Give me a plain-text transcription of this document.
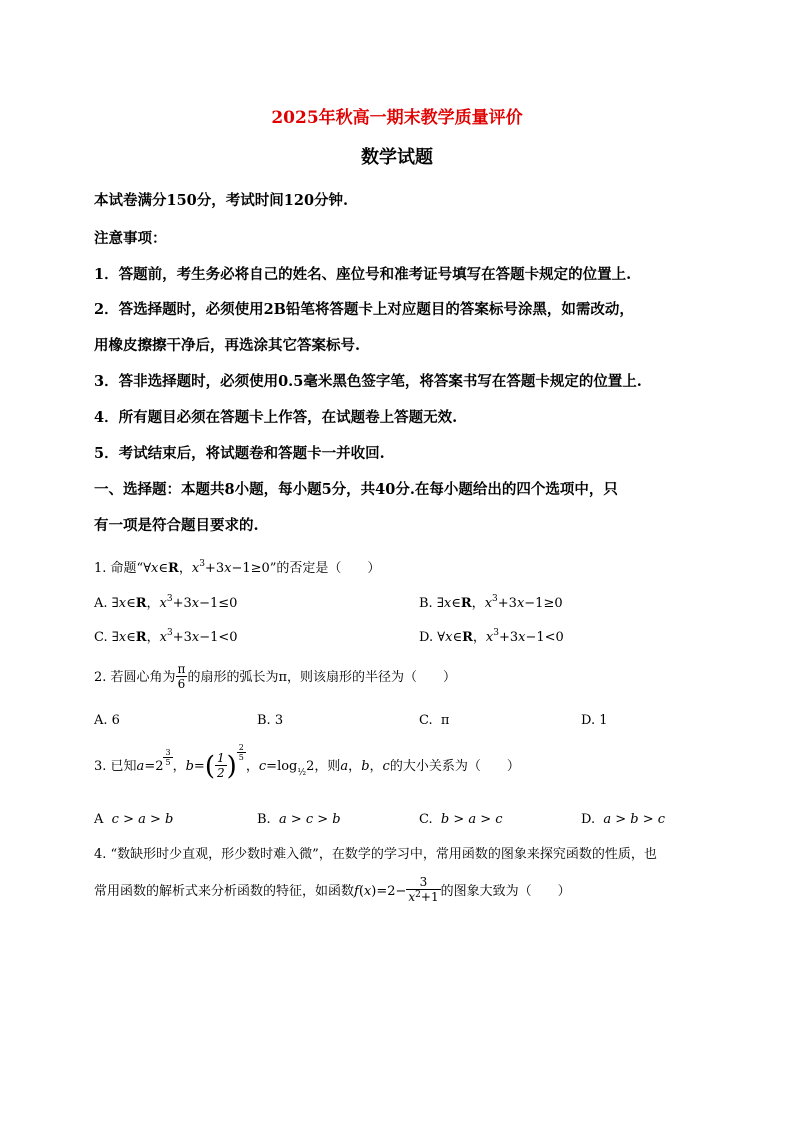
2025年秋高一期末教学质量评价
数学试题
本试卷满分150分，考试时间120分钟.
注意事项：
1．答题前，考生务必将自己的姓名、座位号和准考证号填写在答题卡规定的位置上.
2．答选择题时，必须使用2B铅笔将答题卡上对应题目的答案标号涂黑，如需改动，
用橡皮擦擦干净后，再选涂其它答案标号.
3．答非选择题时，必须使用0.5毫米黑色签字笔，将答案书写在答题卡规定的位置上.
4．所有题目必须在答题卡上作答，在试题卷上答题无效.
5．考试结束后，将试题卷和答题卡一并收回.
一、选择题：本题共8小题，每小题5分，共40分.在每小题给出的四个选项中，只
有一项是符合题目要求的.
1. 命题“∀x∈R，$x^3+3x-1\ge 0$”的否定是（　　）
A. ∃x∈R，$x^3+3x-1\le 0$	B. ∃x∈R，$x^3+3x-1\ge 0$
C. ∃x∈R，$x^3+3x-1<0$	D. ∀x∈R，$x^3+3x-1<0$
2. 若圆心角为 $\frac{\pi}{6}$ 的扇形的弧长为π，则该扇形的半径为（　　）
A. 6	B. 3	C. π	D. 1
3. 已知a=2 $^{\frac{3}{5}}$ ，$b=( \frac{1}{2}$ ) $^{\frac{2}{5}}$
，$c=\log_{\frac{1}{2}}2$，则a，b，c的大小关系为（　　）
A c > a > b	B. a > c > b	C. b > a > c	D. a > b > c
4. “数缺形时少直观，形少数时难入微”，在数学的学习中，常用函数的图象来探究函数的性质，也
常用函数的解析式来分析函数的特征，如函数$f(x)=2- \frac{3}{x^2+1}$ 的图象大致为（　　）
